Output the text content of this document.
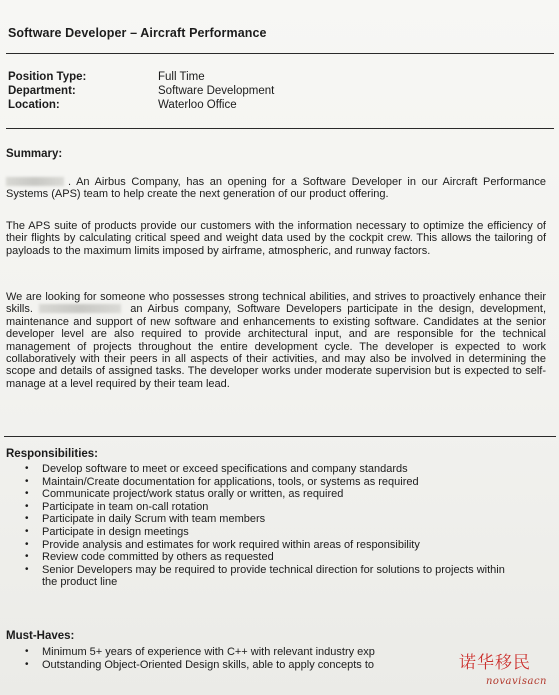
Software Developer – Aircraft Performance
Position Type:	Full Time
Department:	Software Development
Location:	Waterloo Office
Summary:
. An Airbus Company, has an opening for a Software Developer in our Aircraft Performance Systems (APS) team to help create the next generation of our product offering.
The APS suite of products provide our customers with the information necessary to optimize the efficiency of their flights by calculating critical speed and weight data used by the cockpit crew. This allows the tailoring of payloads to the maximum limits imposed by airframe, atmospheric, and runway factors.
We are looking for someone who possesses strong technical abilities, and strives to proactively enhance their skills.	an Airbus company, Software Developers participate in the design, development, maintenance and support of new software and enhancements to existing software. Candidates at the senior developer level are also required to provide architectural input, and are responsible for the technical management of projects throughout the entire development cycle. The developer is expected to work collaboratively with their peers in all aspects of their activities, and may also be involved in determining the scope and details of assigned tasks. The developer works under moderate supervision but is expected to self-manage at a level required by their team lead.
Responsibilities:
• Develop software to meet or exceed specifications and company standards
• Maintain/Create documentation for applications, tools, or systems as required
• Communicate project/work status orally or written, as required
• Participate in team on-call rotation
• Participate in daily Scrum with team members
• Participate in design meetings
• Provide analysis and estimates for work required within areas of responsibility
• Review code committed by others as requested
• Senior Developers may be required to provide technical direction for solutions to projects within the product line
Must-Haves:
• Minimum 5+ years of experience with C++ with relevant industry exp
• Outstanding Object-Oriented Design skills, able to apply concepts to	诺华移民
novavisacn
